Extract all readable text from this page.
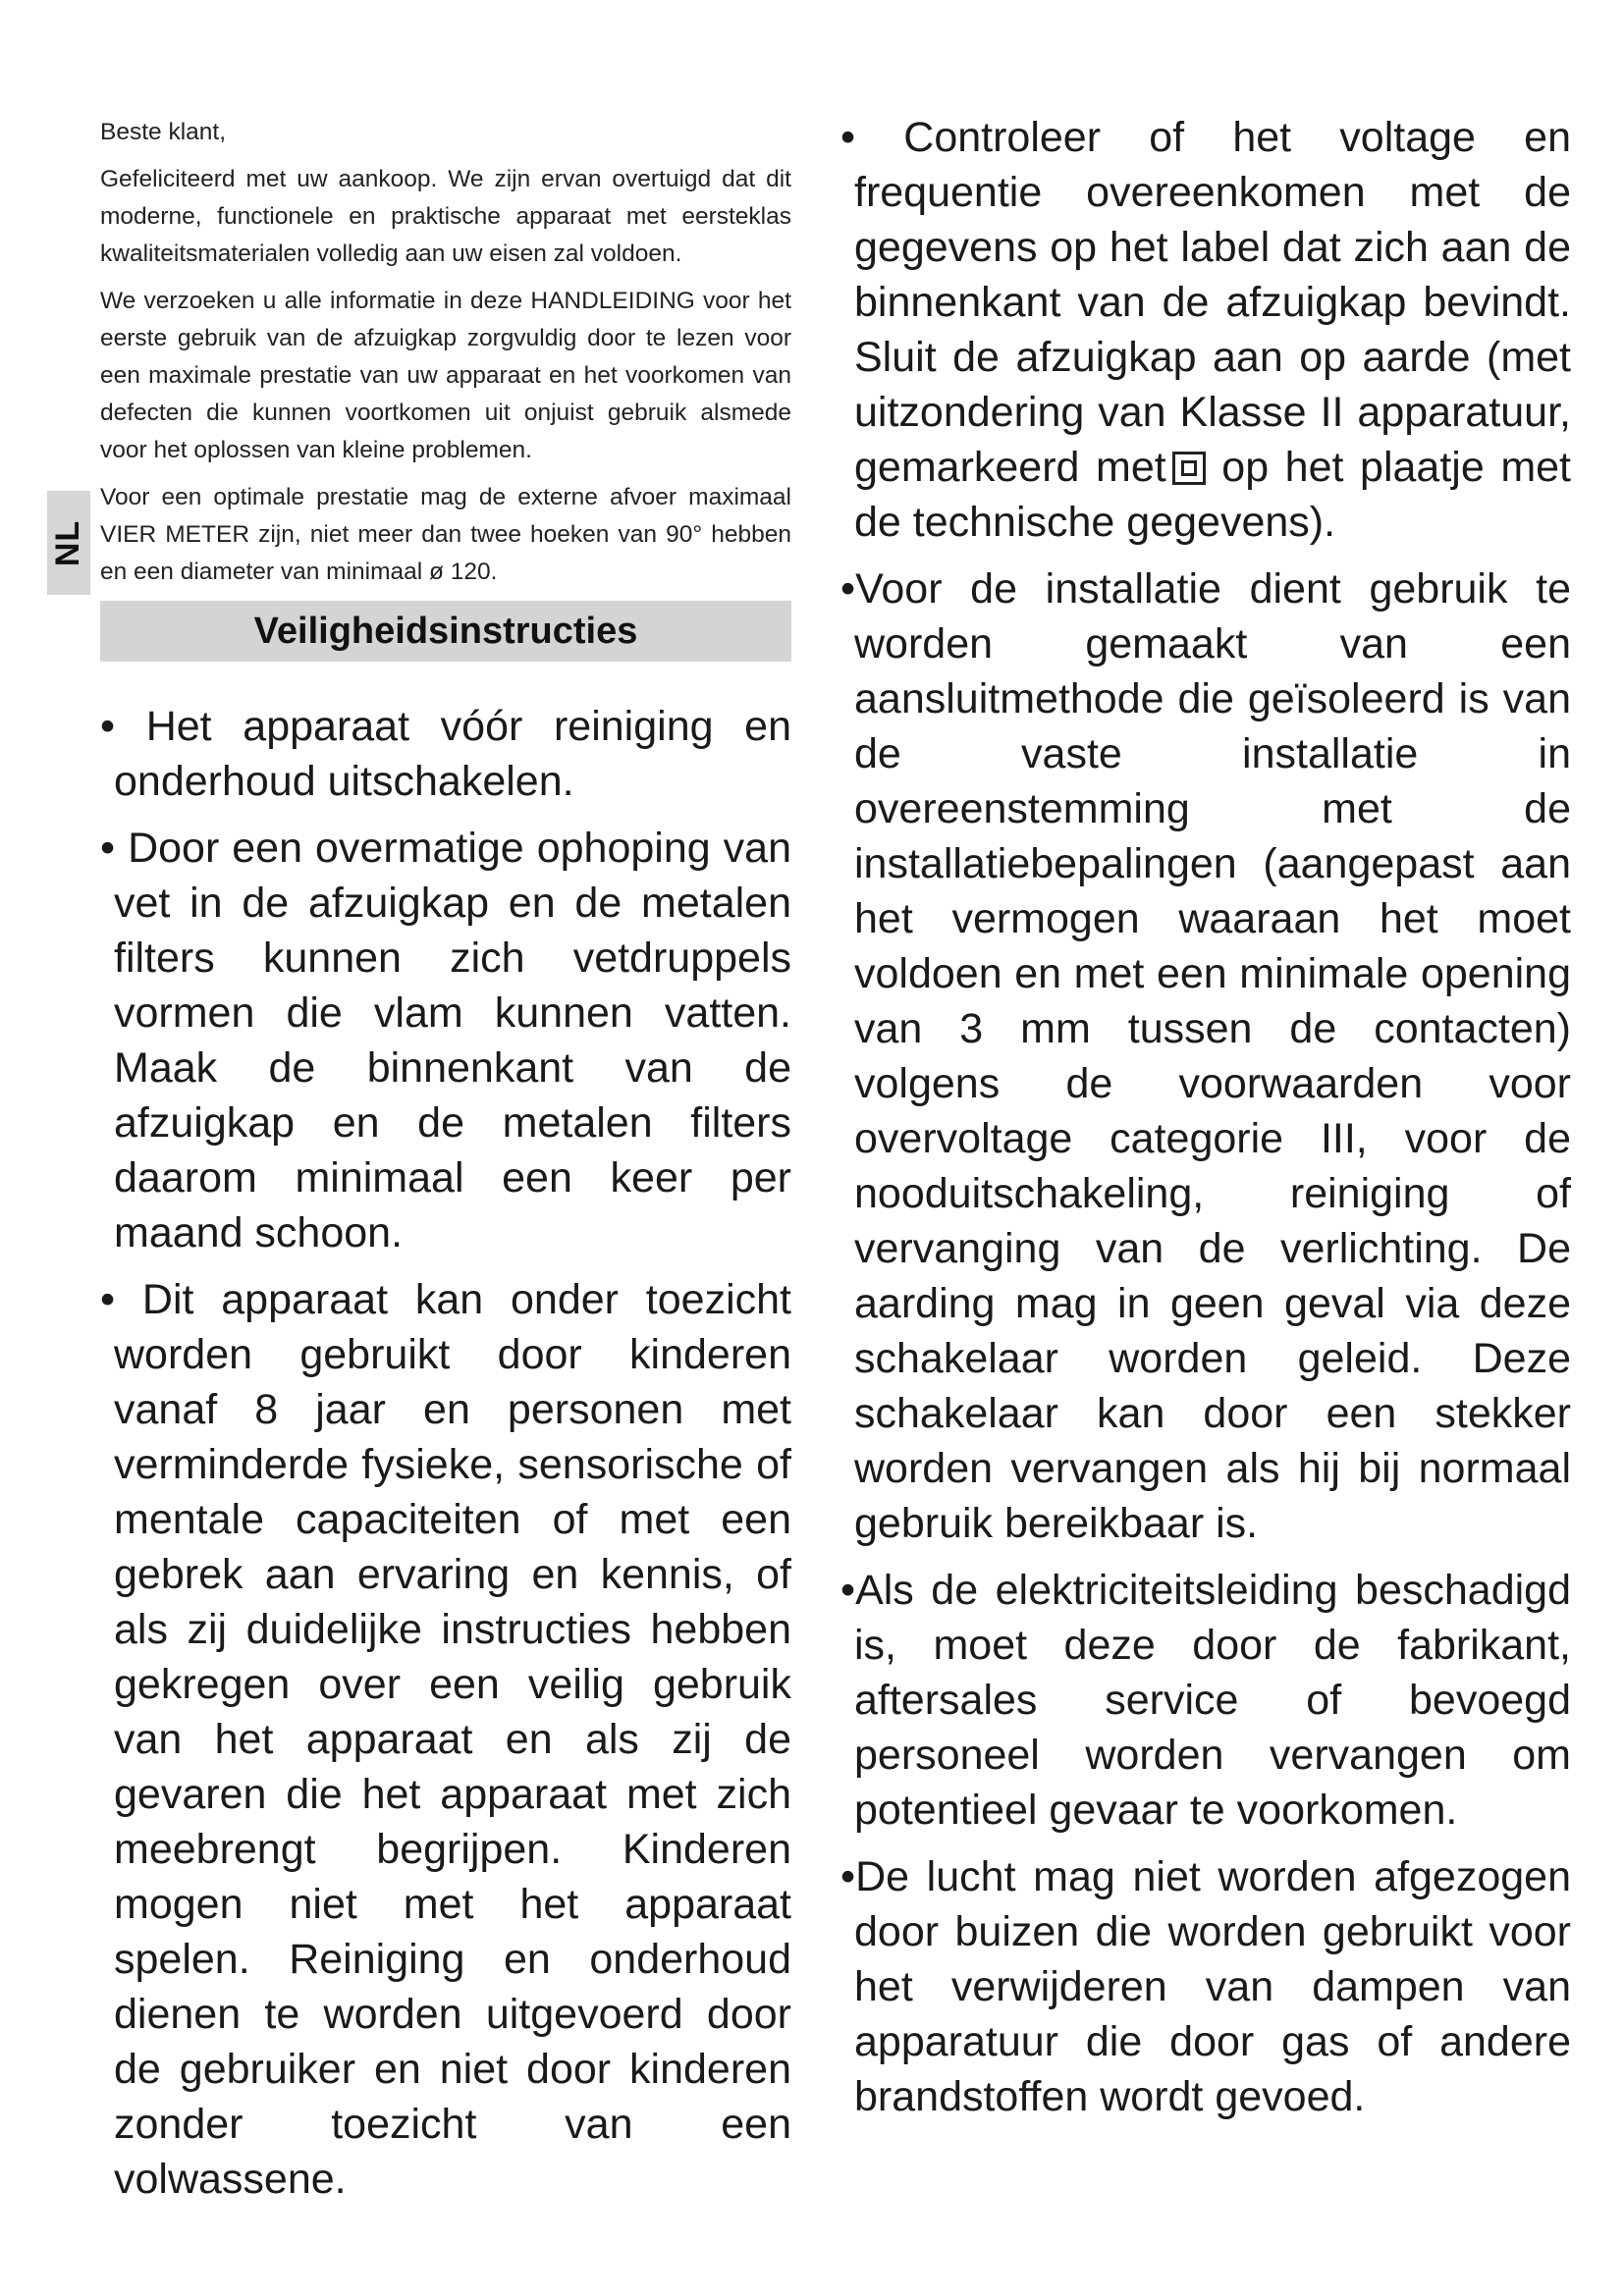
NL

Beste klant,

Gefeliciteerd met uw aankoop. We zijn ervan overtuigd dat dit moderne, functionele en praktische apparaat met eersteklas kwaliteitsmaterialen volledig aan uw eisen zal voldoen.

We verzoeken u alle informatie in deze HANDLEIDING voor het eerste gebruik van de afzuigkap zorgvuldig door te lezen voor een maximale prestatie van uw apparaat en het voorkomen van defecten die kunnen voortkomen uit onjuist gebruik alsmede voor het oplossen van kleine problemen.

Voor een optimale prestatie mag de externe afvoer maximaal VIER METER zijn, niet meer dan twee hoeken van 90° hebben en een diameter van minimaal ø 120.

Veiligheidsinstructies
• Het apparaat vóór reiniging en onderhoud uitschakelen.
• Door een overmatige ophoping van vet in de afzuigkap en de metalen filters kunnen zich vetdruppels vormen die vlam kunnen vatten. Maak de binnenkant van de afzuigkap en de metalen filters daarom minimaal een keer per maand schoon.
• Dit apparaat kan onder toezicht worden gebruikt door kinderen vanaf 8 jaar en personen met verminderde fysieke, sensorische of mentale capaciteiten of met een gebrek aan ervaring en kennis, of als zij duidelijke instructies hebben gekregen over een veilig gebruik van het apparaat en als zij de gevaren die het apparaat met zich meebrengt begrijpen. Kinderen mogen niet met het apparaat spelen. Reiniging en onderhoud dienen te worden uitgevoerd door de gebruiker en niet door kinderen zonder toezicht van een volwassene.
• Controleer of het voltage en frequentie overeenkomen met de gegevens op het label dat zich aan de binnenkant van de afzuigkap bevindt. Sluit de afzuigkap aan op aarde (met uitzondering van Klasse II apparatuur, gemarkeerd met op het plaatje met de technische gegevens).
•Voor de installatie dient gebruik te worden gemaakt van een aansluitmethode die geïsoleerd is van de vaste installatie in overeenstemming met de installatiebepalingen (aangepast aan het vermogen waaraan het moet voldoen en met een minimale opening van 3 mm tussen de contacten) volgens de voorwaarden voor overvoltage categorie III, voor de nooduitschakeling, reiniging of vervanging van de verlichting. De aarding mag in geen geval via deze schakelaar worden geleid. Deze schakelaar kan door een stekker worden vervangen als hij bij normaal gebruik bereikbaar is.
•Als de elektriciteitsleiding beschadigd is, moet deze door de fabrikant, aftersales service of bevoegd personeel worden vervangen om potentieel gevaar te voorkomen.
•De lucht mag niet worden afgezogen door buizen die worden gebruikt voor het verwijderen van dampen van apparatuur die door gas of andere brandstoffen wordt gevoed.
